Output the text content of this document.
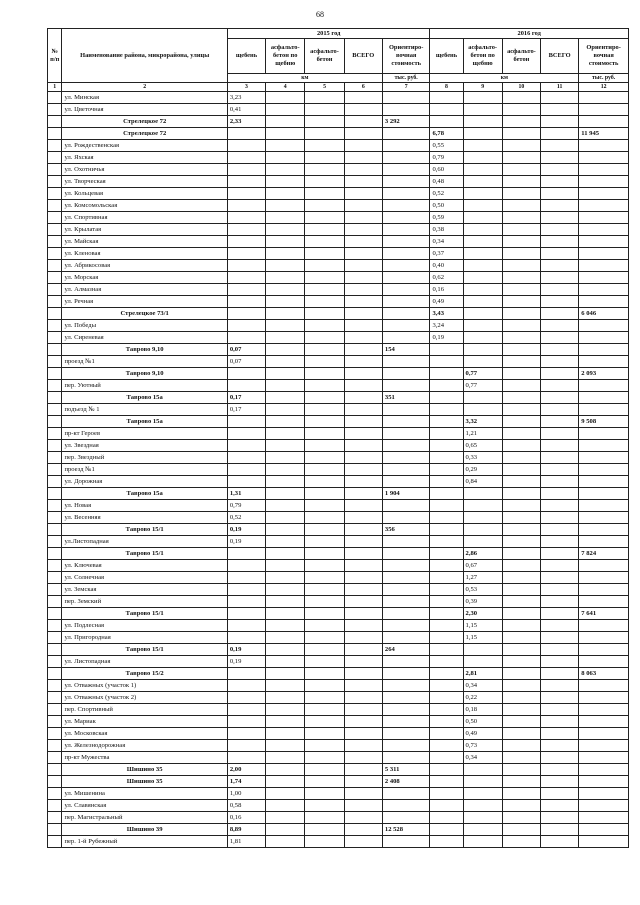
68
№ п/п	Наименование района, микрорайона, улицы	2015 год					2016 год				
		щебень	асфальто-бетон по щебню	асфальто-бетон	ВСЕГО	Ориентиро-вочная стоимость	щебень	асфальто-бетон по щебню	асфальто-бетон	ВСЕГО	Ориентиро-вочная стоимость
		км				тыс. руб.	км				тыс. руб.
1	2	3	4	5	6	7	8	9	10	11	12
	ул. Минская	3,23									
	ул. Цветочная	0,41									
	Стрелецкое 72	2,33				3 292					
	Стрелецкое 72						6,78				11 945
	ул. Рождественская						0,55				
	ул. Яхская						0,79				
	ул. Охотничья						0,60				
	ул. Творческая						0,48				
	ул. Кольцевая						0,52				
	ул. Комсомольская						0,50				
	ул. Спортивная						0,59				
	ул. Крылатая						0,38				
	ул. Майская						0,34				
	ул. Кленовая						0,37				
	ул. Абрикосовая						0,40				
	ул. Морская						0,62				
	ул. Алмазная						0,16				
	ул. Речная						0,49				
	Стрелецкое 73/1						3,43				6 046
	ул. Победы						3,24				
	ул. Сиреневая						0,19				
	Таврово 9,10	0,07				154					
	проезд №1	0,07									
	Таврово 9,10							0,77			2 093
	пер. Уютный							0,77			
	Таврово 15а	0,17				351					
	подъезд № 1	0,17									
	Таврово 15а							3,32			9 508
	пр-кт Героев							1,21			
	ул. Звездная							0,65			
	пер. Звездный							0,33			
	проезд №1							0,29			
	ул. Дорожная							0,84			
	Таврово 15а	1,31				1 904					
	ул. Новая	0,79									
	ул. Весенняя	0,52									
	Таврово 15/1	0,19				356					
	ул.Листопадная	0,19									
	Таврово 15/1							2,86			7 824
	ул. Ключевая							0,67			
	ул. Солнечная							1,27			
	ул. Земская							0,53			
	пер. Земский							0,39			
	Таврово 15/1							2,30			7 641
	ул. Подлесная							1,15			
	ул. Пригородная							1,15			
	Таврово 15/1	0,19				264					
	ул. Листопадная	0,19									
	Таврово 15/2							2,81			8 063
	ул. Отважных (участок 1)							0,34			
	ул. Отважных (участок 2)							0,22			
	пер. Спортивный							0,18			
	ул. Мариак							0,50			
	ул. Московская							0,49			
	ул. Железнодорожная							0,73			
	пр-кт Мужества							0,34			
	Шишино 35	2,00				5 311					
	Шишино 35	1,74				2 408					
	ул. Мишенина	1,00									
	ул. Славянская	0,58									
	пер. Магистральный	0,16									
	Шишино 39	8,89				12 528					
	пер. 1-й Рубежный	1,81									
